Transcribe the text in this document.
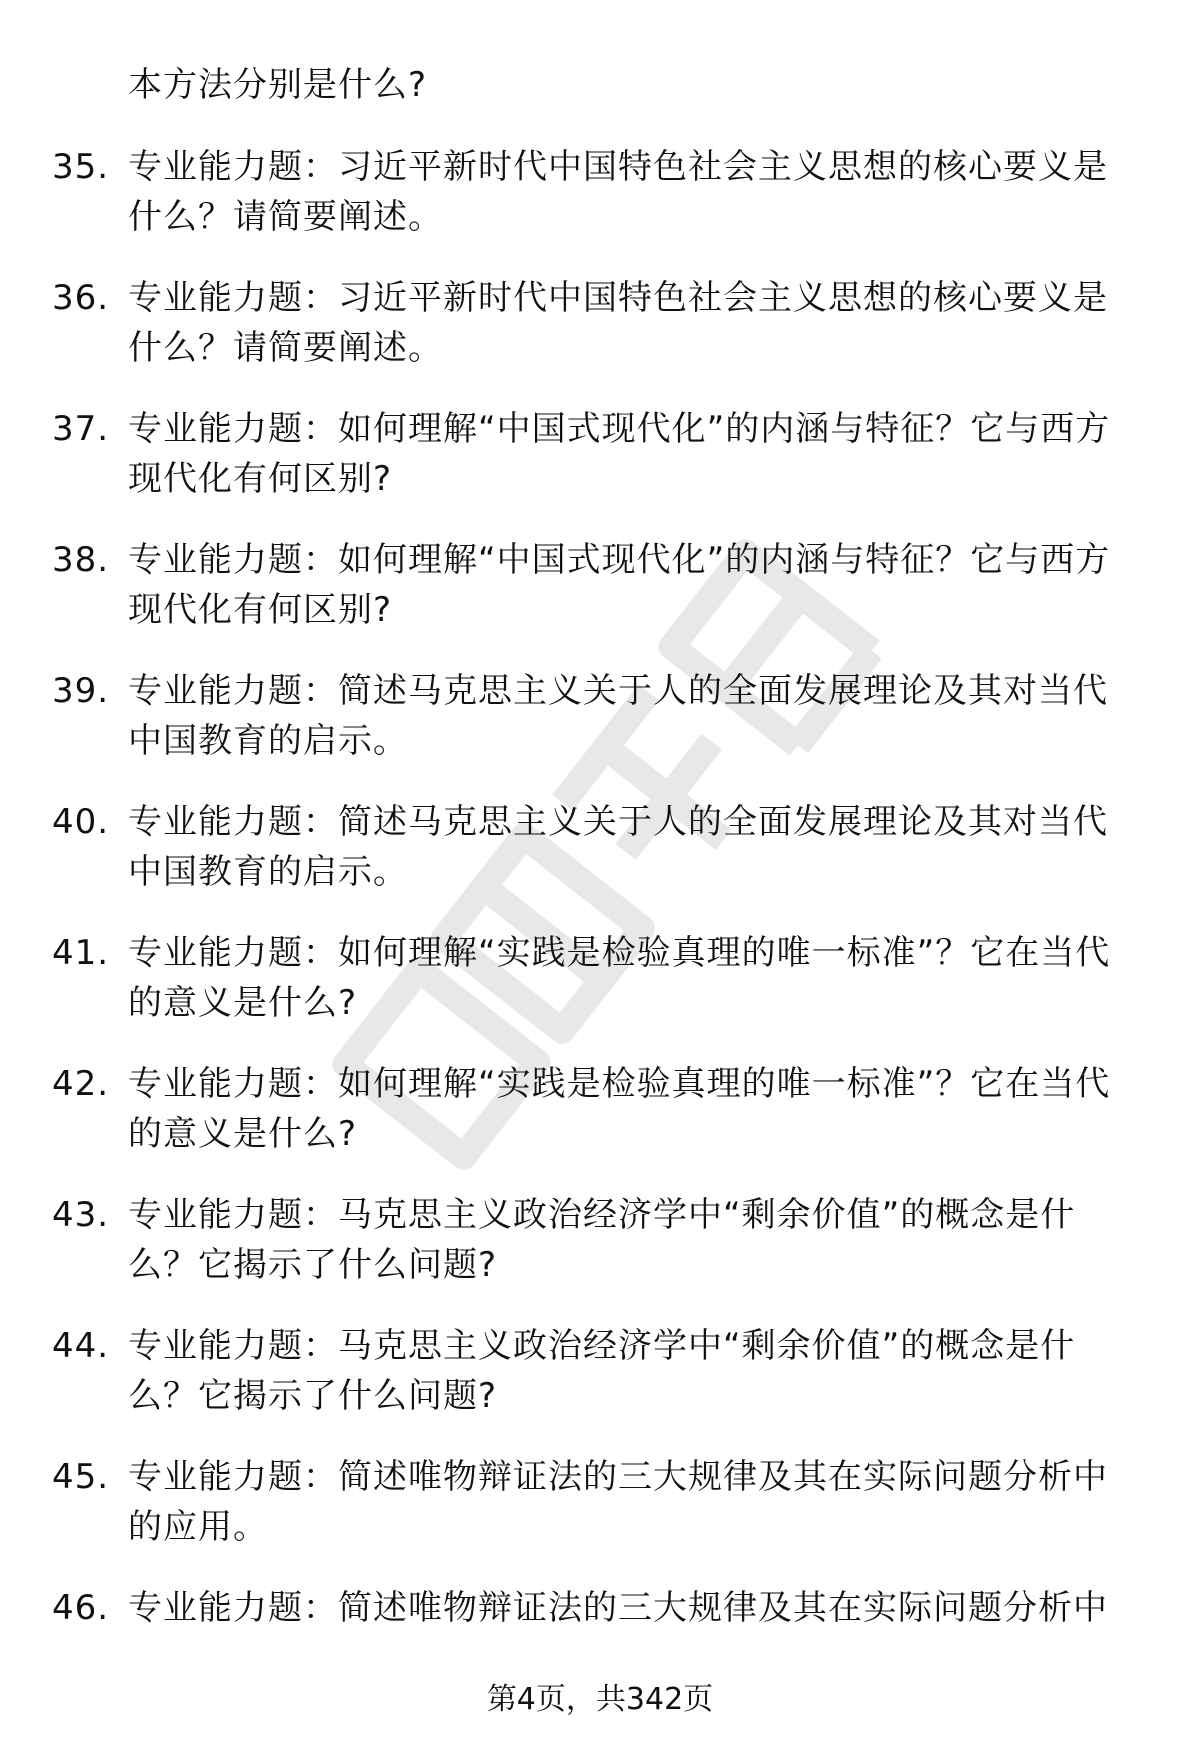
本方法分别是什么?
35. 专业能力题：习近平新时代中国特色社会主义思想的核心要义是什么？请简要阐述。
36. 专业能力题：习近平新时代中国特色社会主义思想的核心要义是什么？请简要阐述。
37. 专业能力题：如何理解“中国式现代化”的内涵与特征？它与西方现代化有何区别?
38. 专业能力题：如何理解“中国式现代化”的内涵与特征？它与西方现代化有何区别?
39. 专业能力题：简述马克思主义关于人的全面发展理论及其对当代中国教育的启示。
40. 专业能力题：简述马克思主义关于人的全面发展理论及其对当代中国教育的启示。
41. 专业能力题：如何理解“实践是检验真理的唯一标准”？它在当代的意义是什么?
42. 专业能力题：如何理解“实践是检验真理的唯一标准”？它在当代的意义是什么?
43. 专业能力题：马克思主义政治经济学中“剩余价值”的概念是什么？它揭示了什么问题?
44. 专业能力题：马克思主义政治经济学中“剩余价值”的概念是什么？它揭示了什么问题?
45. 专业能力题：简述唯物辩证法的三大规律及其在实际问题分析中的应用。
46. 专业能力题：简述唯物辩证法的三大规律及其在实际问题分析中
第4页，共342页
